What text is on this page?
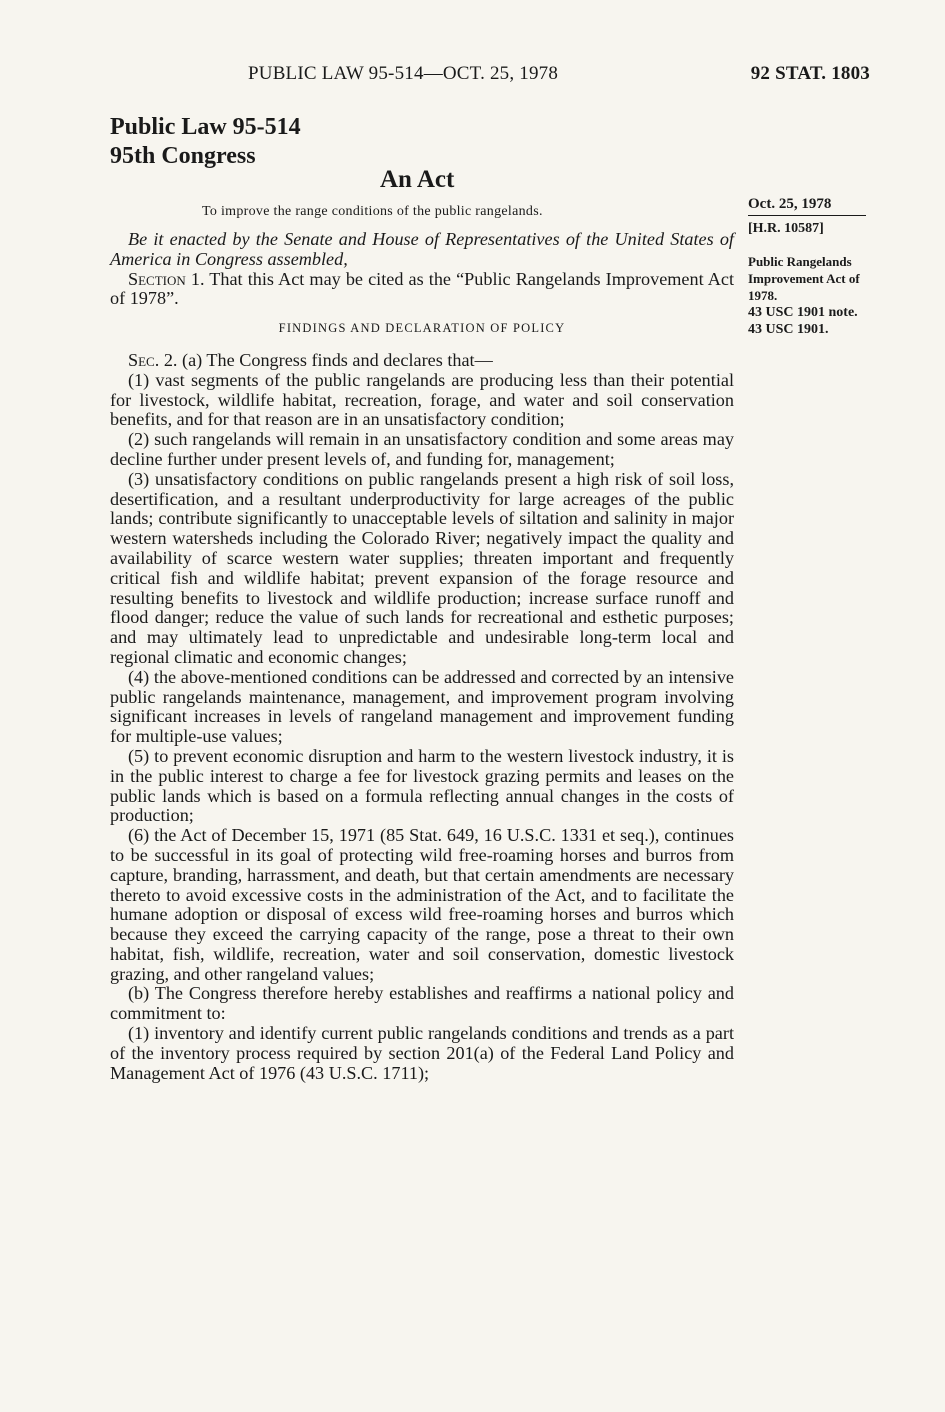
PUBLIC LAW 95-514—OCT. 25, 1978	92 STAT. 1803
Public Law 95-514
95th Congress
An Act
To improve the range conditions of the public rangelands.	Oct. 25, 1978
[H.R. 10587]
Public Rangelands Improvement Act of 1978.
43 USC 1901 note.
43 USC 1901.

Be it enacted by the Senate and House of Representatives of the United States of America in Congress assembled,

Section 1. That this Act may be cited as the “Public Rangelands Improvement Act of 1978”.

FINDINGS AND DECLARATION OF POLICY

Sec. 2. (a) The Congress finds and declares that—

(1) vast segments of the public rangelands are producing less than their potential for livestock, wildlife habitat, recreation, forage, and water and soil conservation benefits, and for that reason are in an unsatisfactory condition;

(2) such rangelands will remain in an unsatisfactory condition and some areas may decline further under present levels of, and funding for, management;

(3) unsatisfactory conditions on public rangelands present a high risk of soil loss, desertification, and a resultant underproductivity for large acreages of the public lands; contribute significantly to unacceptable levels of siltation and salinity in major western watersheds including the Colorado River; negatively impact the quality and availability of scarce western water supplies; threaten important and frequently critical fish and wildlife habitat; prevent expansion of the forage resource and resulting benefits to livestock and wildlife production; increase surface runoff and flood danger; reduce the value of such lands for recreational and esthetic purposes; and may ultimately lead to unpredictable and undesirable long-term local and regional climatic and economic changes;

(4) the above-mentioned conditions can be addressed and corrected by an intensive public rangelands maintenance, management, and improvement program involving significant increases in levels of rangeland management and improvement funding for multiple-use values;

(5) to prevent economic disruption and harm to the western livestock industry, it is in the public interest to charge a fee for livestock grazing permits and leases on the public lands which is based on a formula reflecting annual changes in the costs of production;

(6) the Act of December 15, 1971 (85 Stat. 649, 16 U.S.C. 1331 et seq.), continues to be successful in its goal of protecting wild free-roaming horses and burros from capture, branding, harrassment, and death, but that certain amendments are necessary thereto to avoid excessive costs in the administration of the Act, and to facilitate the humane adoption or disposal of excess wild free-roaming horses and burros which because they exceed the carrying capacity of the range, pose a threat to their own habitat, fish, wildlife, recreation, water and soil conservation, domestic livestock grazing, and other rangeland values;

(b) The Congress therefore hereby establishes and reaffirms a national policy and commitment to:

(1) inventory and identify current public rangelands conditions and trends as a part of the inventory process required by section 201(a) of the Federal Land Policy and Management Act of 1976 (43 U.S.C. 1711);
